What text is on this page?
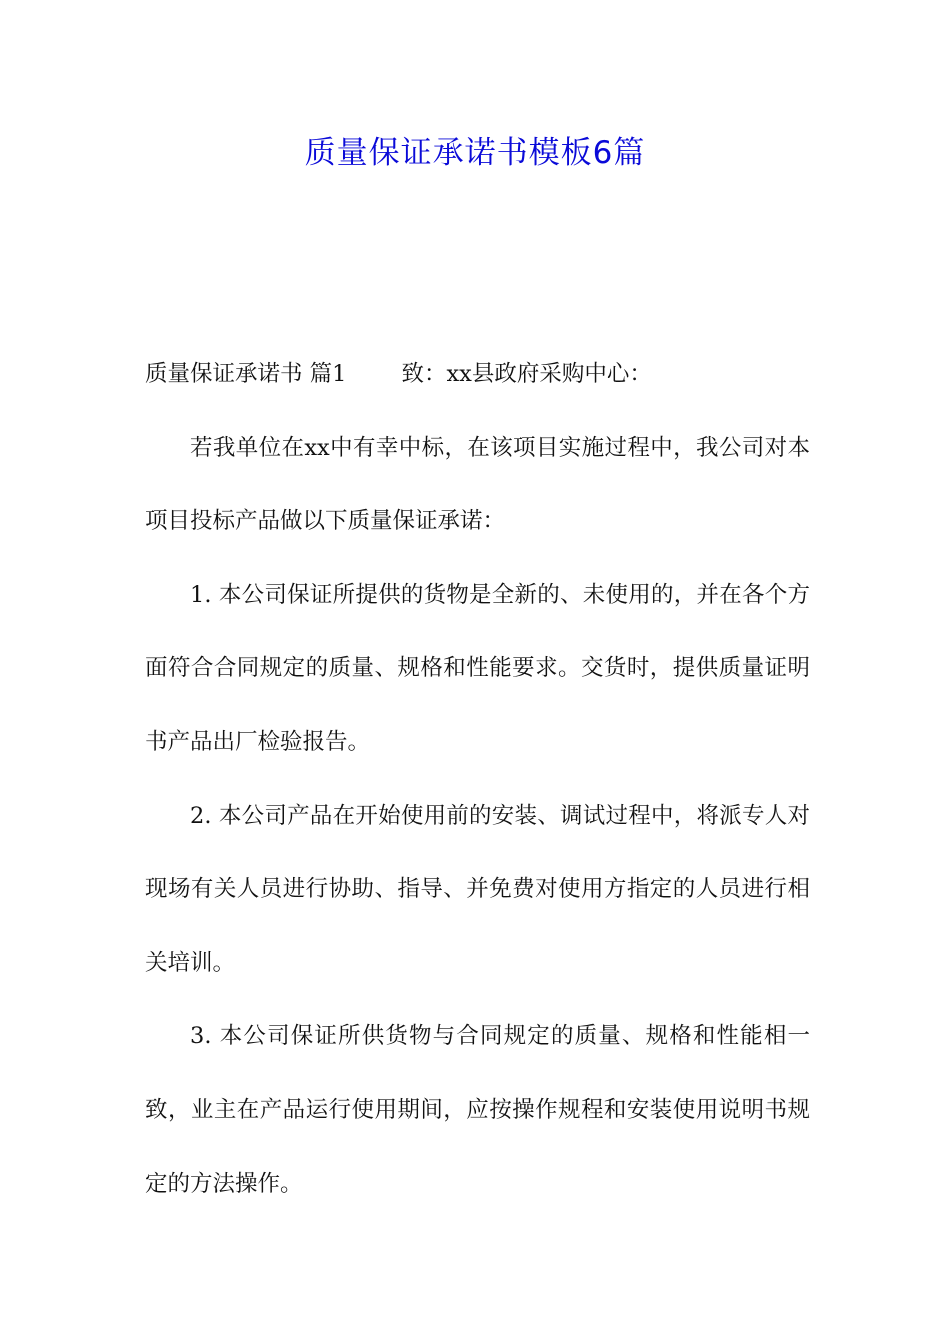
质量保证承诺书模板6篇

质量保证承诺书 篇1 致：xx县政府采购中心：

若我单位在xx中有幸中标，在该项目实施过程中，我公司对本项目投标产品做以下质量保证承诺：

1. 本公司保证所提供的货物是全新的、未使用的，并在各个方面符合合同规定的质量、规格和性能要求。交货时，提供质量证明书产品出厂检验报告。

2. 本公司产品在开始使用前的安装、调试过程中，将派专人对现场有关人员进行协助、指导、并免费对使用方指定的人员进行相关培训。

3. 本公司保证所供货物与合同规定的质量、规格和性能相一致，业主在产品运行使用期间，应按操作规程和安装使用说明书规定的方法操作。
